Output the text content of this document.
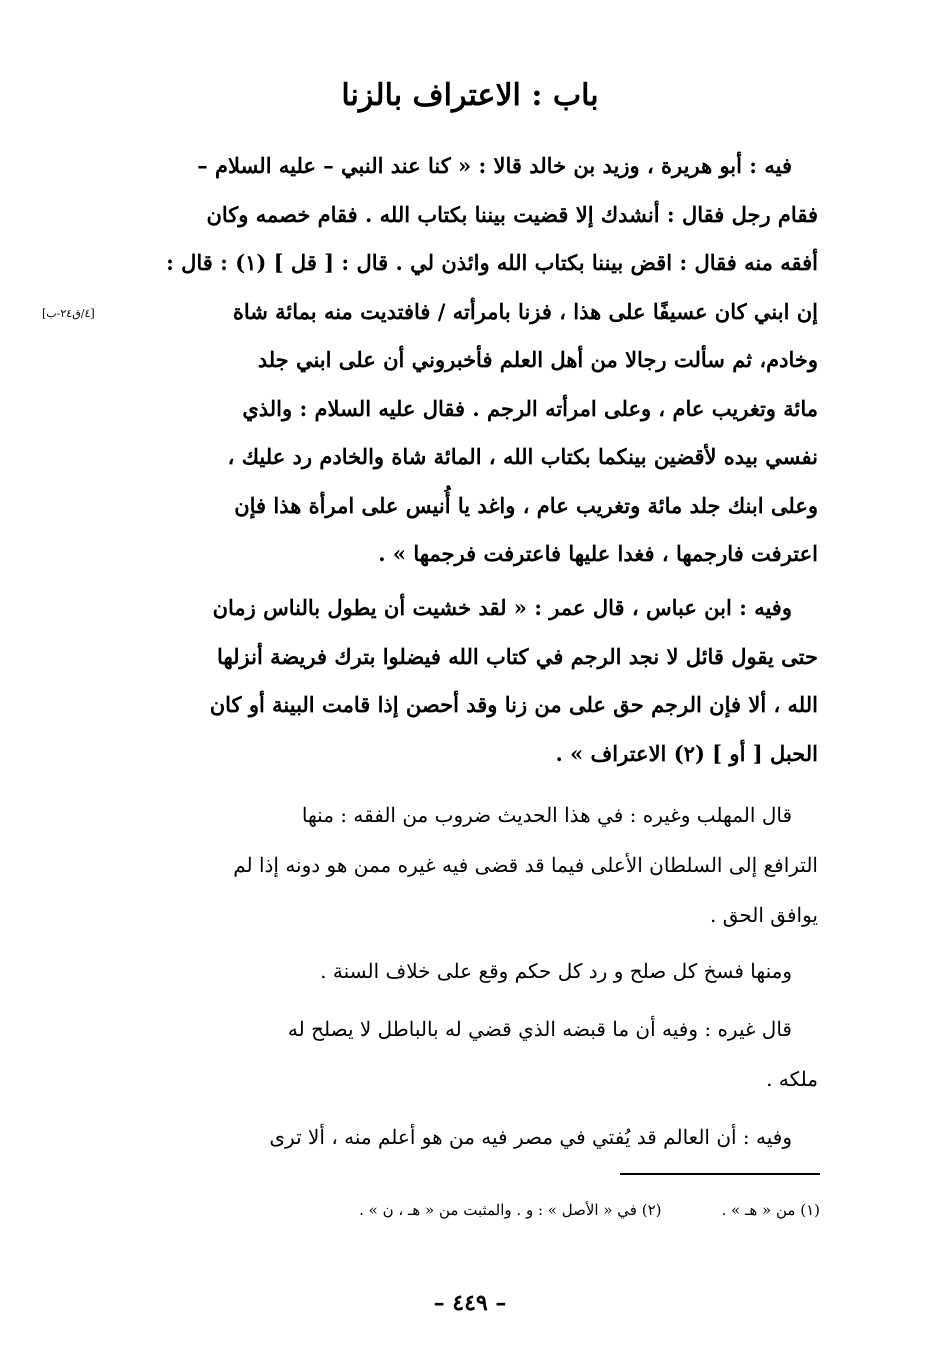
باب : الاعتراف بالزنا
[٤/ق٢٤-ب]
فيه : أبو هريرة ، وزيد بن خالد قالا : « كنا عند النبي – عليه السلام –
فقام رجل فقال : أنشدك إلا قضيت بيننا بكتاب الله . فقام خصمه وكان
أفقه منه فقال : اقض بيننا بكتاب الله وائذن لي . قال : [ قل ] (١) : قال :
إن ابني كان عسيفًا على هذا ، فزنا بامرأته / فافتديت منه بمائة شاة
وخادم، ثم سألت رجالا من أهل العلم فأخبروني أن على ابني جلد
مائة وتغريب عام ، وعلى امرأته الرجم . فقال عليه السلام : والذي
نفسي بيده لأقضين بينكما بكتاب الله ، المائة شاة والخادم رد عليك ،
وعلى ابنك جلد مائة وتغريب عام ، واغد يا أُنيس على امرأة هذا فإن
اعترفت فارجمها ، فغدا عليها فاعترفت فرجمها » .
وفيه : ابن عباس ، قال عمر : « لقد خشيت أن يطول بالناس زمان
حتى يقول قائل لا نجد الرجم في كتاب الله فيضلوا بترك فريضة أنزلها
الله ، ألا فإن الرجم حق على من زنا وقد أحصن إذا قامت البينة أو كان
الحبل [ أو ] (٢) الاعتراف » .
قال المهلب وغيره : في هذا الحديث ضروب من الفقه : منها
الترافع إلى السلطان الأعلى فيما قد قضى فيه غيره ممن هو دونه إذا لم
يوافق الحق .
ومنها فسخ كل صلح و رد كل حكم وقع على خلاف السنة .
قال غيره : وفيه أن ما قبضه الذي قضي له بالباطل لا يصلح له
ملكه .
وفيه : أن العالم قد يُفتي في مصر فيه من هو أعلم منه ، ألا ترى
(١) من « هـ » .(٢) في « الأصل » : و . والمثبت من « هـ ، ن » .
– ٤٤٩ –
